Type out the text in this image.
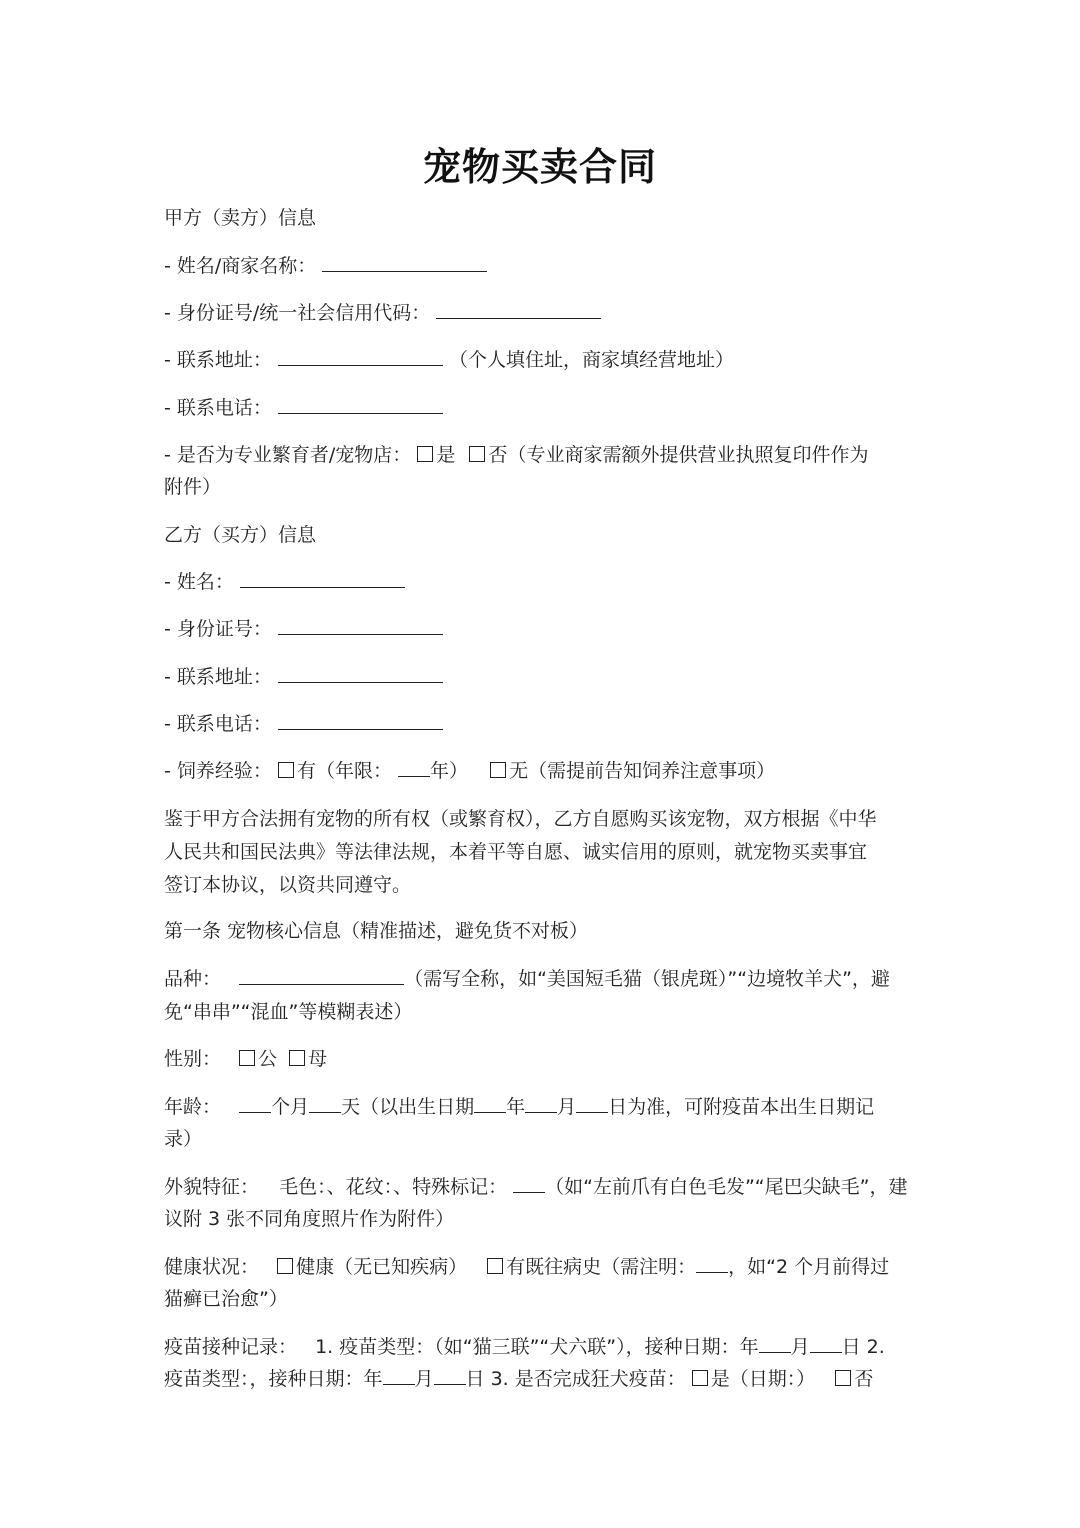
宠物买卖合同
甲方（卖方）信息
- 姓名/商家名称：
- 身份证号/统一社会信用代码：
- 联系地址：	（个人填住址，商家填经营地址）
- 联系电话：
- 是否为专业繁育者/宠物店： 是 否（专业商家需额外提供营业执照复印件作为
附件）
乙方（买方）信息
- 姓名：
- 身份证号：
- 联系地址：
- 联系电话：
- 饲养经验： 有（年限： 年） 无（需提前告知饲养注意事项）
鉴于甲方合法拥有宠物的所有权（或繁育权），乙方自愿购买该宠物，双方根据《中华
人民共和国民法典》等法律法规，本着平等自愿、诚实信用的原则，就宠物买卖事宜
签订本协议，以资共同遵守。
第一条 宠物核心信息（精准描述，避免货不对板）
品种：	（需写全称，如“美国短毛猫（银虎斑）”“边境牧羊犬”，避
免“串串”“混血”等模糊表述）
性别： 公 母
年龄：	个月 天（以出生日期 年 月 日为准，可附疫苗本出生日期记
录）
外貌特征： 毛色：、花纹：、特殊标记： （如“左前爪有白色毛发”“尾巴尖缺毛”，建
议附 3 张不同角度照片作为附件）
健康状况： 健康（无已知疾病） 有既往病史（需注明： ，如“2 个月前得过
猫癣已治愈”）
疫苗接种记录： 1. 疫苗类型：（如“猫三联”“犬六联”），接种日期：年 月 日 2.
疫苗类型：，接种日期：年 月 日 3. 是否完成狂犬疫苗： 是（日期：） 否
